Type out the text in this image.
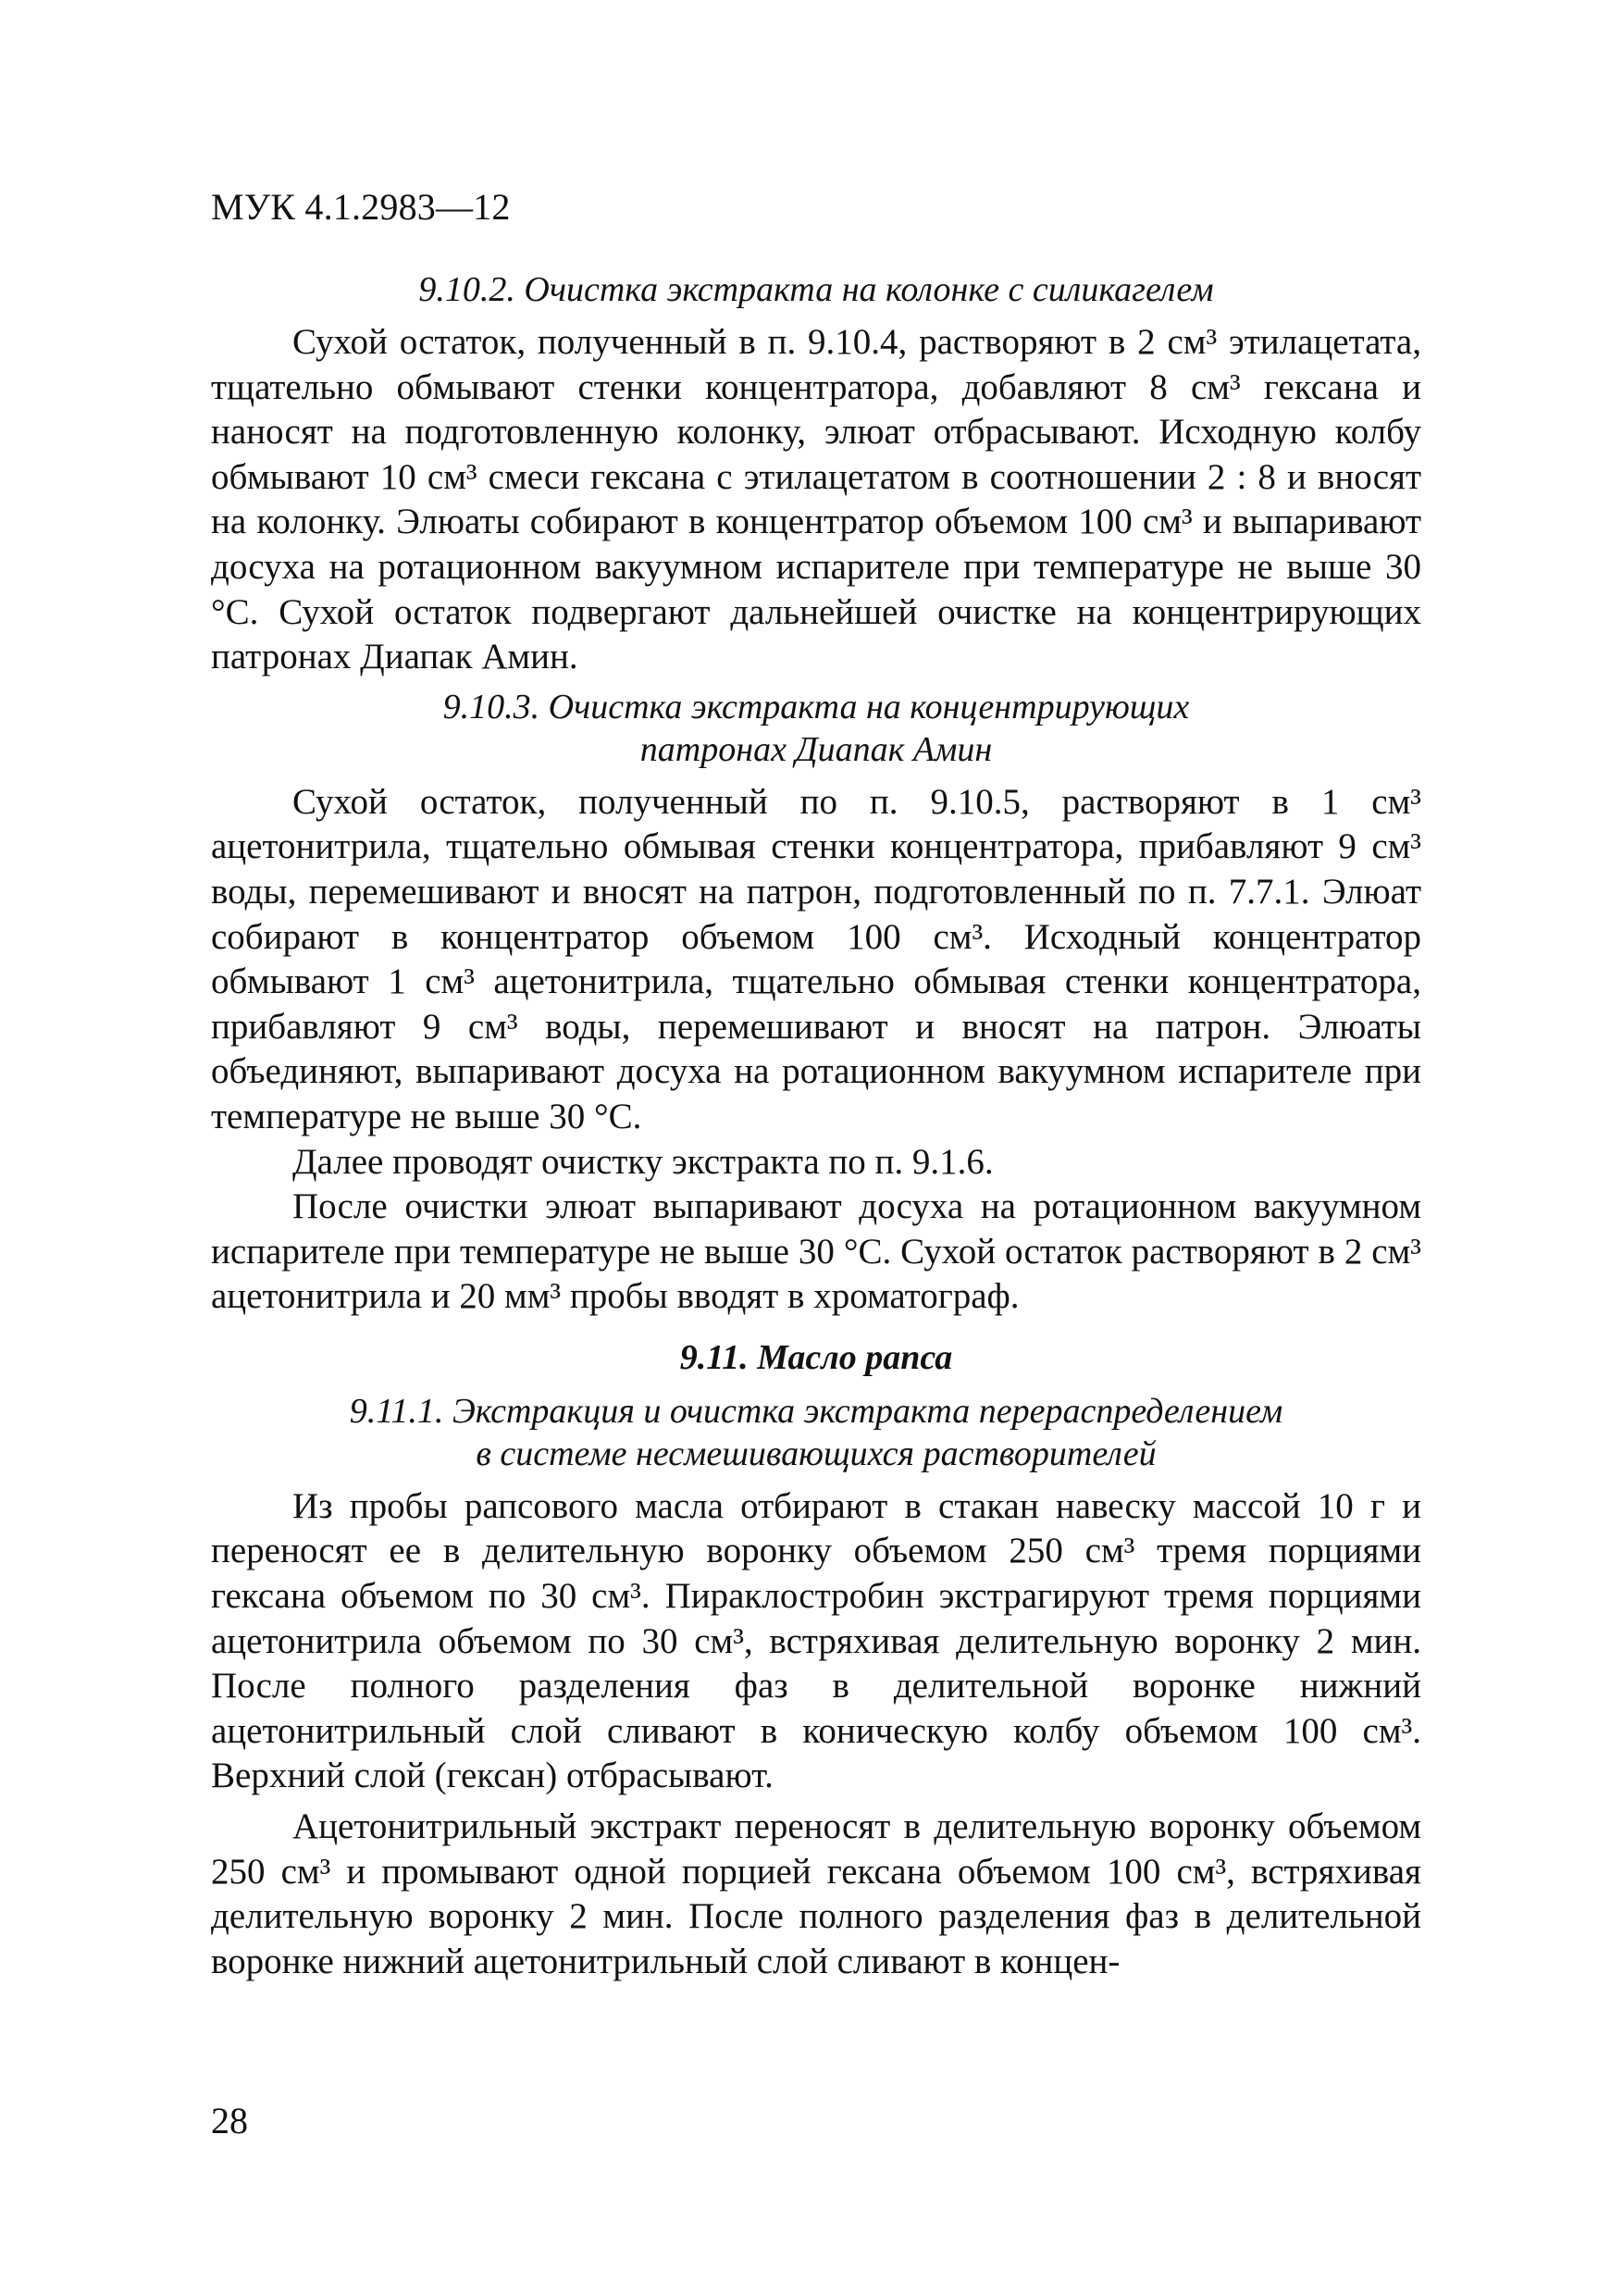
МУК 4.1.2983—12

9.10.2. Очистка экстракта на колонке с силикагелем

Сухой остаток, полученный в п. 9.10.4, растворяют в 2 см³ этилацетата, тщательно обмывают стенки концентратора, добавляют 8 см³ гексана и наносят на подготовленную колонку, элюат отбрасывают. Исходную колбу обмывают 10 см³ смеси гексана с этилацетатом в соотношении 2 : 8 и вносят на колонку. Элюаты собирают в концентратор объемом 100 см³ и выпаривают досуха на ротационном вакуумном испарителе при температуре не выше 30 °С. Сухой остаток подвергают дальнейшей очистке на концентрирующих патронах Диапак Амин.

9.10.3. Очистка экстракта на концентрирующих

патронах Диапак Амин

Сухой остаток, полученный по п. 9.10.5, растворяют в 1 см³ ацетонитрила, тщательно обмывая стенки концентратора, прибавляют 9 см³ воды, перемешивают и вносят на патрон, подготовленный по п. 7.7.1. Элюат собирают в концентратор объемом 100 см³. Исходный концентратор обмывают 1 см³ ацетонитрила, тщательно обмывая стенки концентратора, прибавляют 9 см³ воды, перемешивают и вносят на патрон. Элюаты объединяют, выпаривают досуха на ротационном вакуумном испарителе при температуре не выше 30 °С.

Далее проводят очистку экстракта по п. 9.1.6.

После очистки элюат выпаривают досуха на ротационном вакуумном испарителе при температуре не выше 30 °С. Сухой остаток растворяют в 2 см³ ацетонитрила и 20 мм³ пробы вводят в хроматограф.

9.11. Масло рапса

9.11.1. Экстракция и очистка экстракта перераспределением

в системе несмешивающихся растворителей

Из пробы рапсового масла отбирают в стакан навеску массой 10 г и переносят ее в делительную воронку объемом 250 см³ тремя порциями гексана объемом по 30 см³. Пираклостробин экстрагируют тремя порциями ацетонитрила объемом по 30 см³, встряхивая делительную воронку 2 мин. После полного разделения фаз в делительной воронке нижний ацетонитрильный слой сливают в коническую колбу объемом 100 см³. Верхний слой (гексан) отбрасывают.

Ацетонитрильный экстракт переносят в делительную воронку объемом 250 см³ и промывают одной порцией гексана объемом 100 см³, встряхивая делительную воронку 2 мин. После полного разделения фаз в делительной воронке нижний ацетонитрильный слой сливают в концен-

28
